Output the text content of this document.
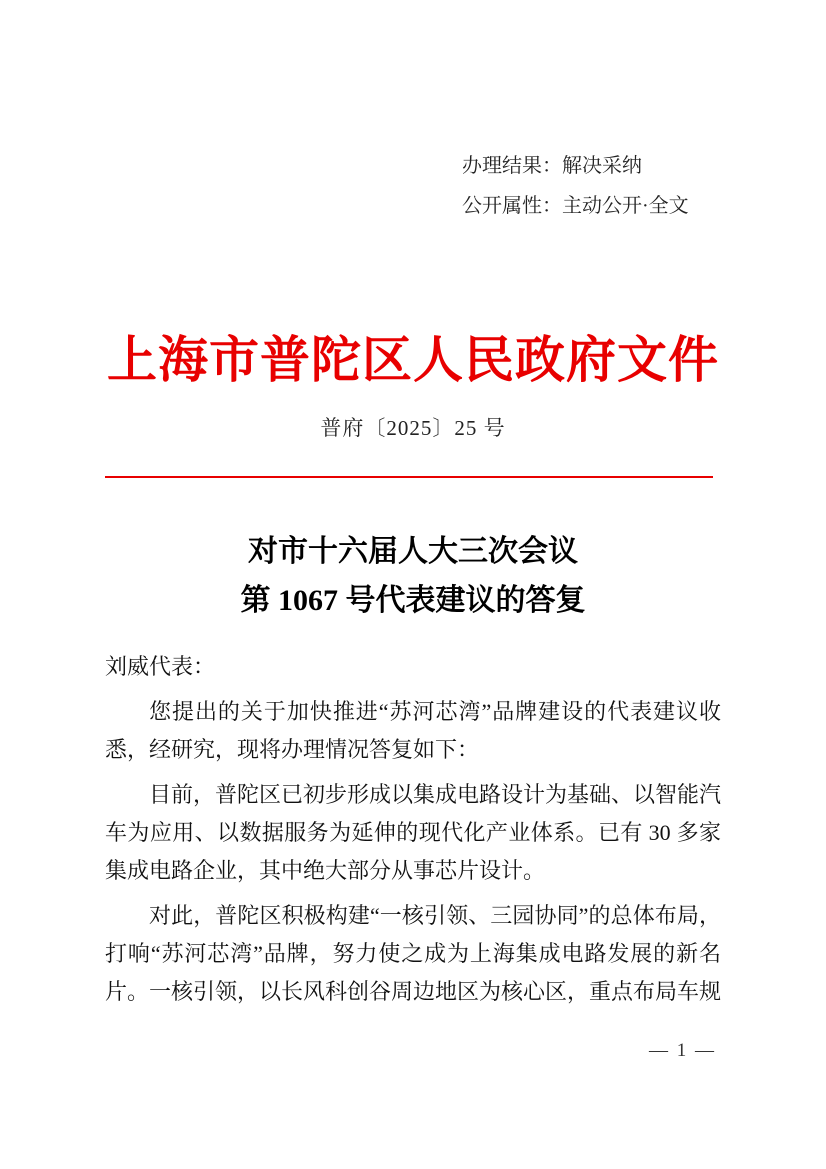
办理结果：解决采纳
公开属性：主动公开·全文
上海市普陀区人民政府文件
普府〔2025〕25 号
对市十六届人大三次会议
第 1067 号代表建议的答复
刘威代表：

您提出的关于加快推进“苏河芯湾”品牌建设的代表建议收悉，经研究，现将办理情况答复如下：

目前，普陀区已初步形成以集成电路设计为基础、以智能汽车为应用、以数据服务为延伸的现代化产业体系。已有 30 多家集成电路企业，其中绝大部分从事芯片设计。

对此，普陀区积极构建“一核引领、三园协同”的总体布局，打响“苏河芯湾”品牌，努力使之成为上海集成电路发展的新名片。一核引领，以长风科创谷周边地区为核心区，重点布局车规

— 1 —
